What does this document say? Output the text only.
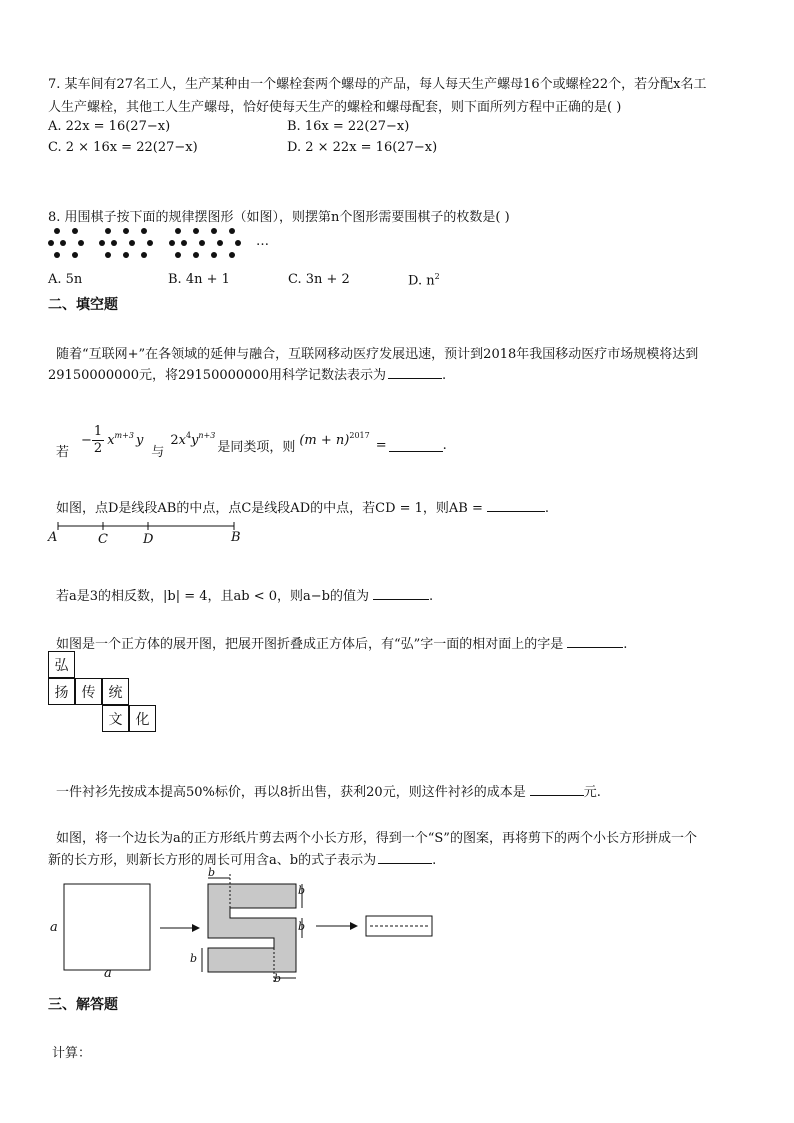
7. 某车间有27名工人，生产某种由一个螺栓套两个螺母的产品，每人每天生产螺母16个或螺栓22个，若分配x名工
人生产螺栓，其他工人生产螺母，恰好使每天生产的螺栓和螺母配套，则下面所列方程中正确的是( )
A. 22x = 16(27−x)	B. 16x = 22(27−x)
C. 2 × 16x = 22(27−x)	D. 2 × 22x = 16(27−x)
8. 用围棋子按下面的规律摆图形（如图），则摆第n个图形需要围棋子的枚数是( )
…
A. 5n	B. 4n + 1	C. 3n + 2	D. $n^2$
二、填空题
随着“互联网+”在各领域的延伸与融合，互联网移动医疗发展迅速，预计到2018年我国移动医疗市场规模将达到
29150000000元，将29150000000用科学记数法表示为	.
若
− $\frac{1}{2} x^{m+3}$ y
与
2 $x^4$ $y^{n+3}$
是同类项，则 $(m + n)^{2017}$
=	.
如图，点D是线段AB的中点，点C是线段AD的中点，若CD = 1，则AB =	.
A	C	D	B
若a是3的相反数，|b| = 4，且ab < 0，则a−b的值为	.
如图是一个正方体的展开图，把展开图折叠成正方体后，有“弘”字一面的相对面上的字是	.
弘
扬 传 统
文 化
一件衬衫先按成本提高50%标价，再以8折出售，获利20元，则这件衬衫的成本是	元.
如图，将一个边长为a的正方形纸片剪去两个小长方形，得到一个“S”的图案，再将剪下的两个小长方形拼成一个
新的长方形，则新长方形的周长可用含a、b的式子表示为	.
a
a
b
b
b
b
b
三、解答题
计算：
